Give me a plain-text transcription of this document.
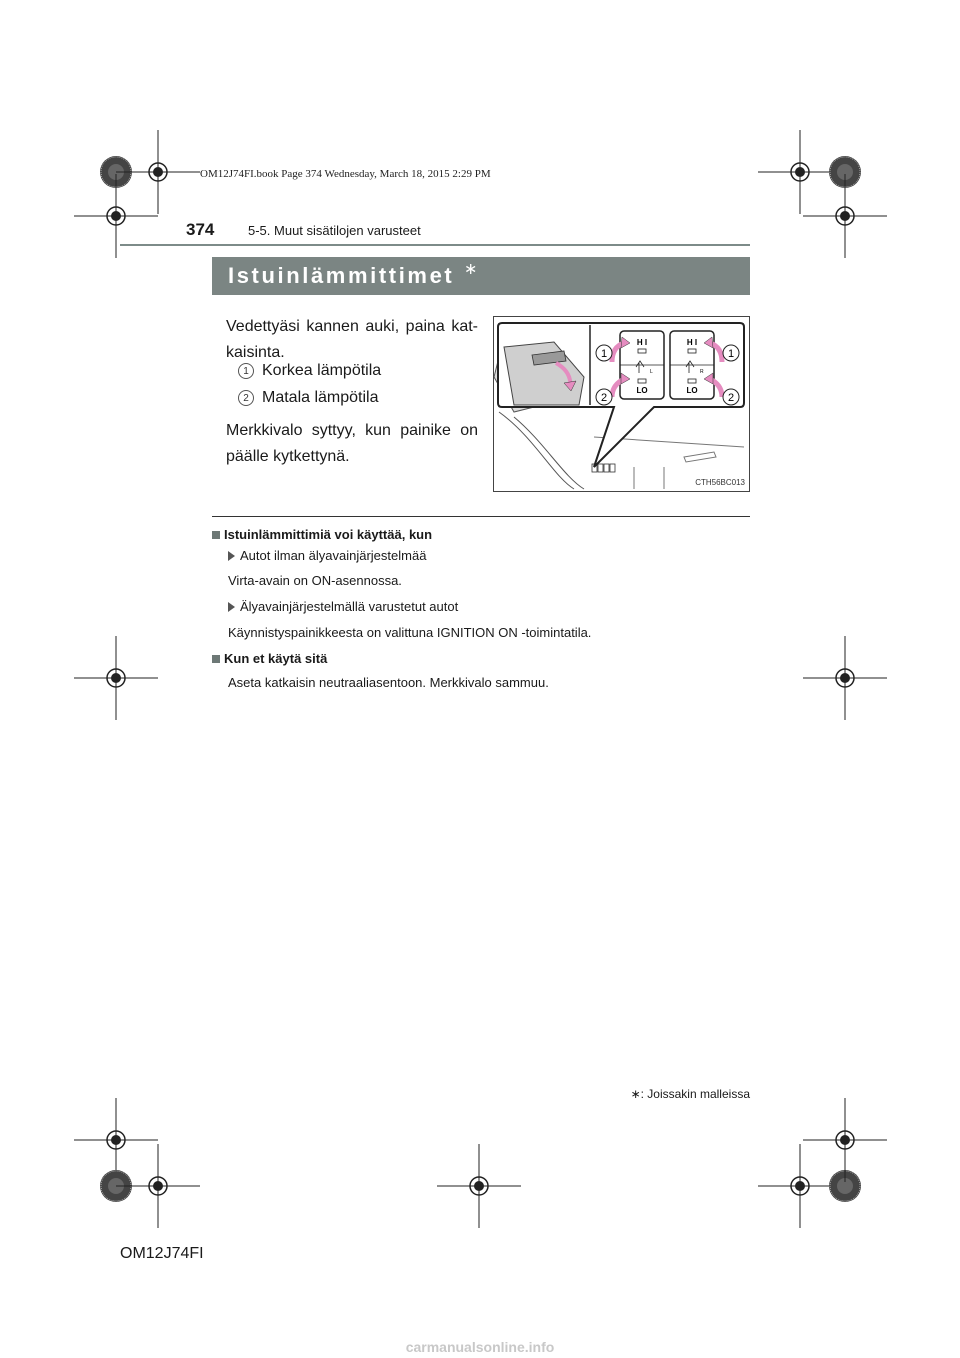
OM12J74FI.book Page 374 Wednesday, March 18, 2015 2:29 PM
374	5-5. Muut sisätilojen varusteet
Istuinlämmittimet ∗
Vedettyäsi kannen auki, paina katkaisinta.
1 Korkea lämpötila
2 Matala lämpötila
Merkkivalo syttyy, kun painike on päälle kytkettynä.
1
2
1
2
H I	H I
LO	LO
L	R
CTH56BC013
Istuinlämmittimiä voi käyttää, kun
Autot ilman älyavainjärjestelmää
Virta-avain on ON-asennossa.
Älyavainjärjestelmällä varustetut autot
Käynnistyspainikkeesta on valittuna IGNITION ON -toimintatila.
Kun et käytä sitä
Aseta katkaisin neutraaliasentoon. Merkkivalo sammuu.
∗: Joissakin malleissa
OM12J74FI
carmanualsonline.info
